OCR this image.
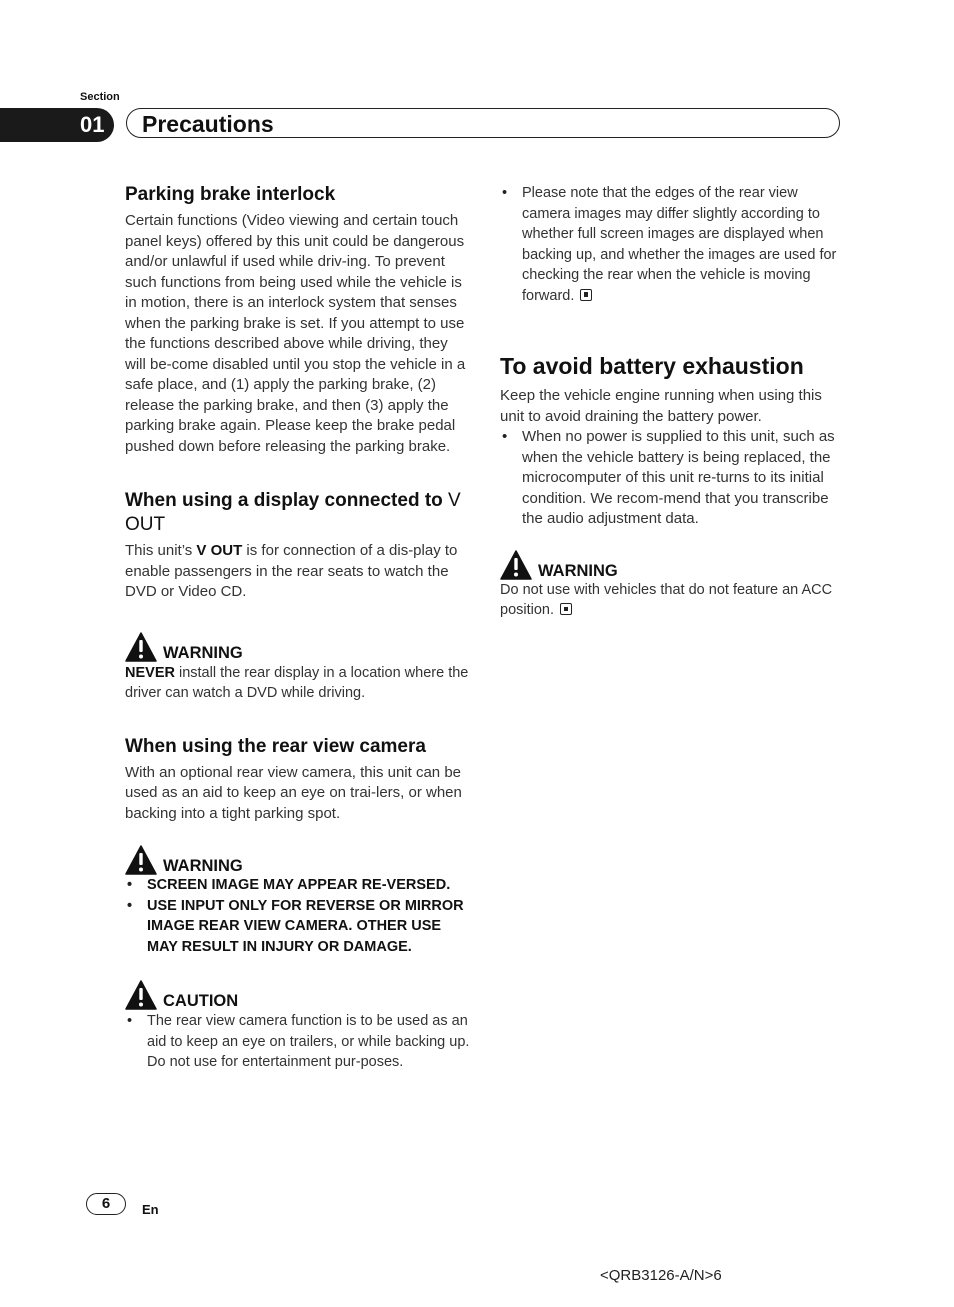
Section
01	Precautions
Parking brake interlock

Certain functions (Video viewing and certain touch panel keys) offered by this unit could be dangerous and/or unlawful if used while driv-ing. To prevent such functions from being used while the vehicle is in motion, there is an interlock system that senses when the parking brake is set. If you attempt to use the functions described above while driving, they will be-come disabled until you stop the vehicle in a safe place, and (1) apply the parking brake, (2) release the parking brake, and then (3) apply the parking brake again. Please keep the brake pedal pushed down before releasing the parking brake.

When using a display connected to V OUT

This unit’s V OUT is for connection of a dis-play to enable passengers in the rear seats to watch the DVD or Video CD.

WARNING

NEVER install the rear display in a location where the driver can watch a DVD while driving.

When using the rear view camera

With an optional rear view camera, this unit can be used as an aid to keep an eye on trai-lers, or when backing into a tight parking spot.

WARNING
• SCREEN IMAGE MAY APPEAR RE-VERSED.
• USE INPUT ONLY FOR REVERSE OR MIRROR IMAGE REAR VIEW CAMERA. OTHER USE MAY RESULT IN INJURY OR DAMAGE.
CAUTION
• The rear view camera function is to be used as an aid to keep an eye on trailers, or while backing up. Do not use for entertainment pur-poses.
• Please note that the edges of the rear view camera images may differ slightly according to whether full screen images are displayed when backing up, and whether the images are used for checking the rear when the vehicle is moving forward.
To avoid battery exhaustion

Keep the vehicle engine running when using this unit to avoid draining the battery power.

• When no power is supplied to this unit, such as when the vehicle battery is being replaced, the microcomputer of this unit re-turns to its initial condition. We recom-mend that you transcribe the audio adjustment data.
WARNING

Do not use with vehicles that do not feature an ACC position.

6	En
<QRB3126-A/N>6
